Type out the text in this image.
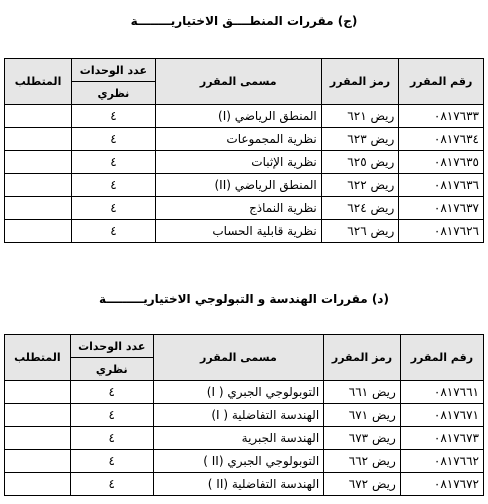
(ج) مقررات المنطــــق الاختياريــــــــة
رقم المقرر	رمز المقرر	مسمى المقرر	عدد الوحدات	المتطلب
			نظري	
٠٨١٧٦٣٣	ريض ٦٢١	المنطق الرياضي (I)	٤	
٠٨١٧٦٣٤	ريض ٦٢٣	نظرية المجموعات	٤	
٠٨١٧٦٣٥	ريض ٦٢٥	نظرية الإثبات	٤	
٠٨١٧٦٣٦	ريض ٦٢٢	المنطق الرياضي (II)	٤	
٠٨١٧٦٣٧	ريض ٦٢٤	نظرية النماذج	٤	
٠٨١٧٦٢٦	ريض ٦٢٦	نظرية قابلية الحساب	٤	
(د) مقررات الهندسة و التبولوجي الاختياريـــــــــة
رقم المقرر	رمز المقرر	مسمى المقرر	عدد الوحدات	المتطلب
			نظري	
٠٨١٧٦٦١	ريض ٦٦١	التوبولوجي الجبري ( I)	٤	
٠٨١٧٦٧١	ريض ٦٧١	الهندسة التفاضلية ( I)	٤	
٠٨١٧٦٧٣	ريض ٦٧٣	الهندسة الجبرية	٤	
٠٨١٧٦٦٢	ريض ٦٦٢	التوبولوجي الجبري (II )	٤	
٠٨١٧٦٧٢	ريض ٦٧٢	الهندسة التفاضلية (II )	٤	
